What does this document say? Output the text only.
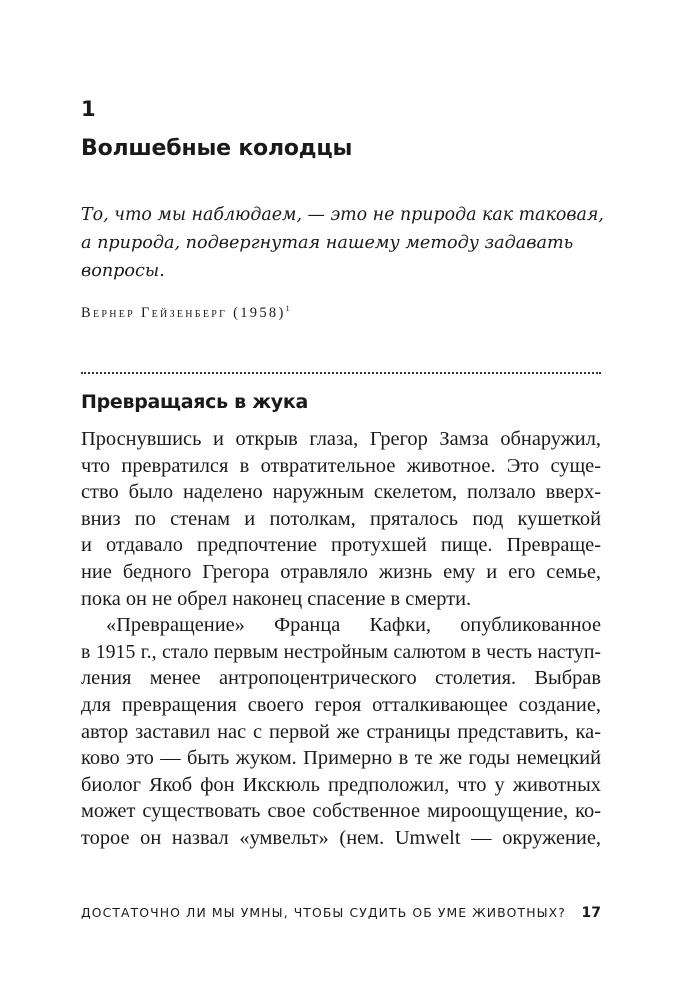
1
Волшебные колодцы
То, что мы наблюдаем, — это не природа как таковая,
а природа, подвергнутая нашему методу задавать
вопросы.
Вернер Гейзенберг $(1958)^1$
Превращаясь в жука
Проснувшись и открыв глаза, Грегор Замза обнаружил,
что превратился в отвратительное животное. Это суще-
ство было наделено наружным скелетом, ползало вверх-
вниз по стенам и потолкам, пряталось под кушеткой
и отдавало предпочтение протухшей пище. Превраще-
ние бедного Грегора отравляло жизнь ему и его семье,
пока он не обрел наконец спасение в смерти.
«Превращение» Франца Кафки, опубликованное
в 1915 г., стало первым нестройным салютом в честь наступ-
ления менее антропоцентрического столетия. Выбрав
для превращения своего героя отталкивающее создание,
автор заставил нас с первой же страницы представить, ка-
ково это — быть жуком. Примерно в те же годы немецкий
биолог Якоб фон Икскюль предположил, что у животных
может существовать свое собственное мироощущение, ко-
торое он назвал «умвельт» (нем. Umwelt — окружение,
ДОСТАТОЧНО ЛИ МЫ УМНЫ, ЧТОБЫ СУДИТЬ ОБ УМЕ ЖИВОТНЫХ? 17
